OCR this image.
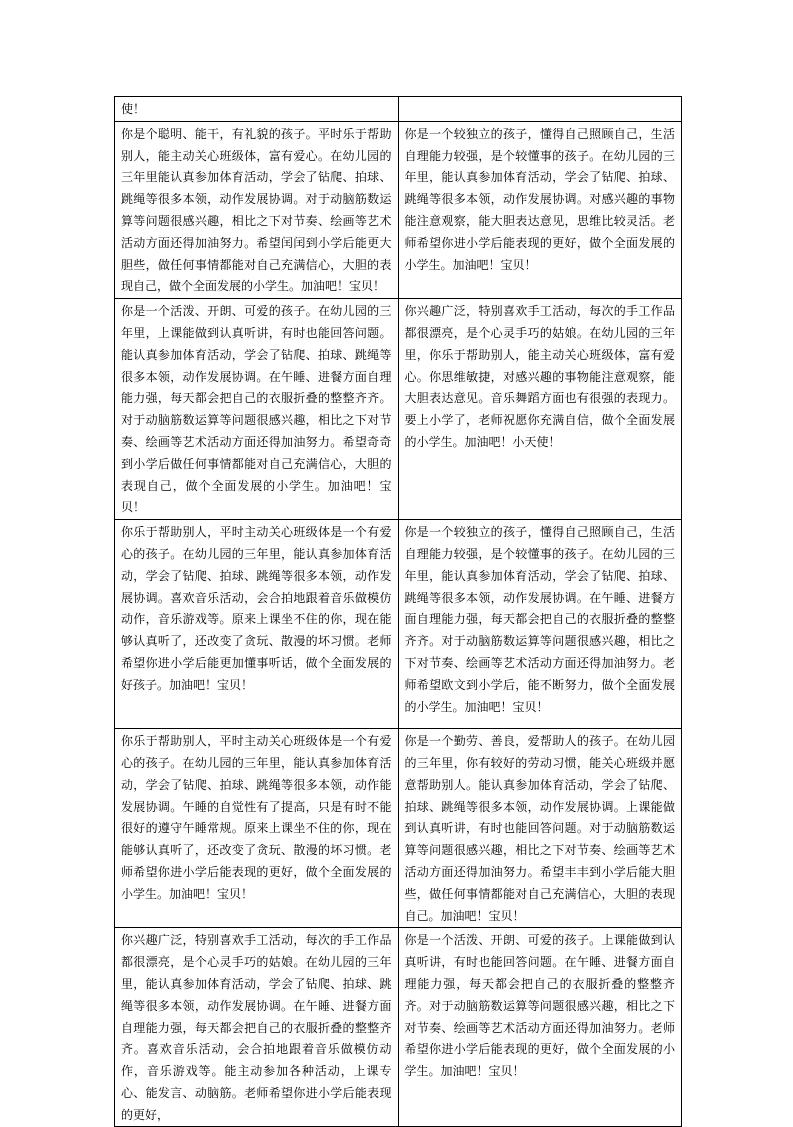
使！	
你是个聪明、能干，有礼貌的孩子。平时乐于帮助别人，能主动关心班级体，富有爱心。在幼儿园的三年里能认真参加体育活动，学会了钻爬、拍球、跳绳等很多本领，动作发展协调。对于动脑筋数运算等问题很感兴趣，相比之下对节奏、绘画等艺术活动方面还得加油努力。希望闰闰到小学后能更大胆些，做任何事情都能对自己充满信心，大胆的表现自己，做个全面发展的小学生。加油吧！宝贝！	你是一个较独立的孩子，懂得自己照顾自己，生活自理能力较强，是个较懂事的孩子。在幼儿园的三年里，能认真参加体育活动，学会了钻爬、拍球、跳绳等很多本领，动作发展协调。对感兴趣的事物能注意观察，能大胆表达意见，思维比较灵活。老师希望你进小学后能表现的更好，做个全面发展的小学生。加油吧！宝贝！
你是一个活泼、开朗、可爱的孩子。在幼儿园的三年里，上课能做到认真听讲，有时也能回答问题。能认真参加体育活动，学会了钻爬、拍球、跳绳等很多本领，动作发展协调。在午睡、进餐方面自理能力强，每天都会把自己的衣服折叠的整整齐齐。对于动脑筋数运算等问题很感兴趣，相比之下对节奏、绘画等艺术活动方面还得加油努力。希望奇奇到小学后做任何事情都能对自己充满信心，大胆的表现自己，做个全面发展的小学生。加油吧！宝贝！	你兴趣广泛，特别喜欢手工活动，每次的手工作品都很漂亮，是个心灵手巧的姑娘。在幼儿园的三年里，你乐于帮助别人，能主动关心班级体，富有爱心。你思维敏捷，对感兴趣的事物能注意观察，能大胆表达意见。音乐舞蹈方面也有很强的表现力。要上小学了，老师祝愿你充满自信，做个全面发展的小学生。加油吧！小天使！
你乐于帮助别人，平时主动关心班级体是一个有爱心的孩子。在幼儿园的三年里，能认真参加体育活动，学会了钻爬、拍球、跳绳等很多本领，动作发展协调。喜欢音乐活动，会合拍地跟着音乐做模仿动作，音乐游戏等。原来上课坐不住的你，现在能够认真听了，还改变了贪玩、散漫的坏习惯。老师希望你进小学后能更加懂事听话，做个全面发展的好孩子。加油吧！宝贝！	你是一个较独立的孩子，懂得自己照顾自己，生活自理能力较强，是个较懂事的孩子。在幼儿园的三年里，能认真参加体育活动，学会了钻爬、拍球、跳绳等很多本领，动作发展协调。在午睡、进餐方面自理能力强，每天都会把自己的衣服折叠的整整齐齐。对于动脑筋数运算等问题很感兴趣，相比之下对节奏、绘画等艺术活动方面还得加油努力。老师希望欧文到小学后，能不断努力，做个全面发展的小学生。加油吧！宝贝！
你乐于帮助别人，平时主动关心班级体是一个有爱心的孩子。在幼儿园的三年里，能认真参加体育活动，学会了钻爬、拍球、跳绳等很多本领，动作能发展协调。午睡的自觉性有了提高，只是有时不能很好的遵守午睡常规。原来上课坐不住的你，现在能够认真听了，还改变了贪玩、散漫的坏习惯。老师希望你进小学后能表现的更好，做个全面发展的小学生。加油吧！宝贝！	你是一个勤劳、善良，爱帮助人的孩子。在幼儿园的三年里，你有较好的劳动习惯，能关心班级并愿意帮助别人。能认真参加体育活动，学会了钻爬、拍球、跳绳等很多本领，动作发展协调。上课能做到认真听讲，有时也能回答问题。对于动脑筋数运算等问题很感兴趣，相比之下对节奏、绘画等艺术活动方面还得加油努力。希望丰丰到小学后能大胆些，做任何事情都能对自己充满信心，大胆的表现自己。加油吧！宝贝！
你兴趣广泛，特别喜欢手工活动，每次的手工作品都很漂亮，是个心灵手巧的姑娘。在幼儿园的三年里，能认真参加体育活动，学会了钻爬、拍球、跳绳等很多本领，动作发展协调。在午睡、进餐方面自理能力强，每天都会把自己的衣服折叠的整整齐齐。喜欢音乐活动，会合拍地跟着音乐做模仿动作，音乐游戏等。能主动参加各种活动，上课专心、能发言、动脑筋。老师希望你进小学后能表现的更好，	你是一个活泼、开朗、可爱的孩子。上课能做到认真听讲，有时也能回答问题。在午睡、进餐方面自理能力强，每天都会把自己的衣服折叠的整整齐齐。对于动脑筋数运算等问题很感兴趣，相比之下对节奏、绘画等艺术活动方面还得加油努力。老师希望你进小学后能表现的更好，做个全面发展的小学生。加油吧！宝贝！
